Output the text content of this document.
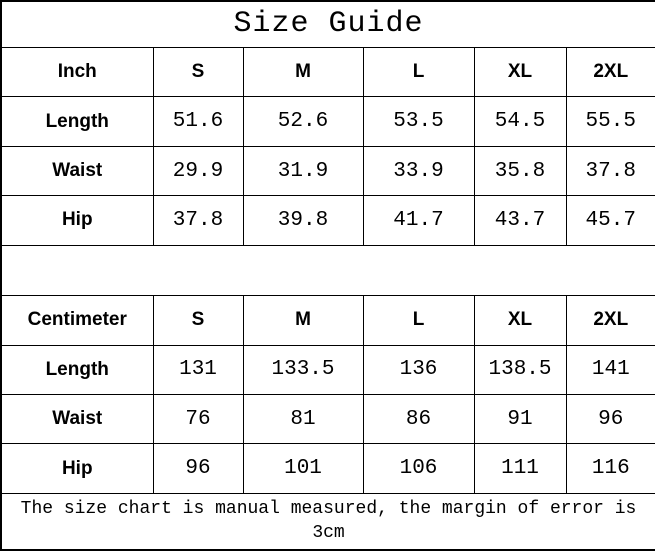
Size Guide					
Inch	S	M	L	XL	2XL
Length	51.6	52.6	53.5	54.5	55.5
Waist	29.9	31.9	33.9	35.8	37.8
Hip	37.8	39.8	41.7	43.7	45.7

Centimeter	S	M	L	XL	2XL
Length	131	133.5	136	138.5	141
Waist	76	81	86	91	96
Hip	96	101	106	111	116
The size chart is manual measured, the margin of error is 3cm					
